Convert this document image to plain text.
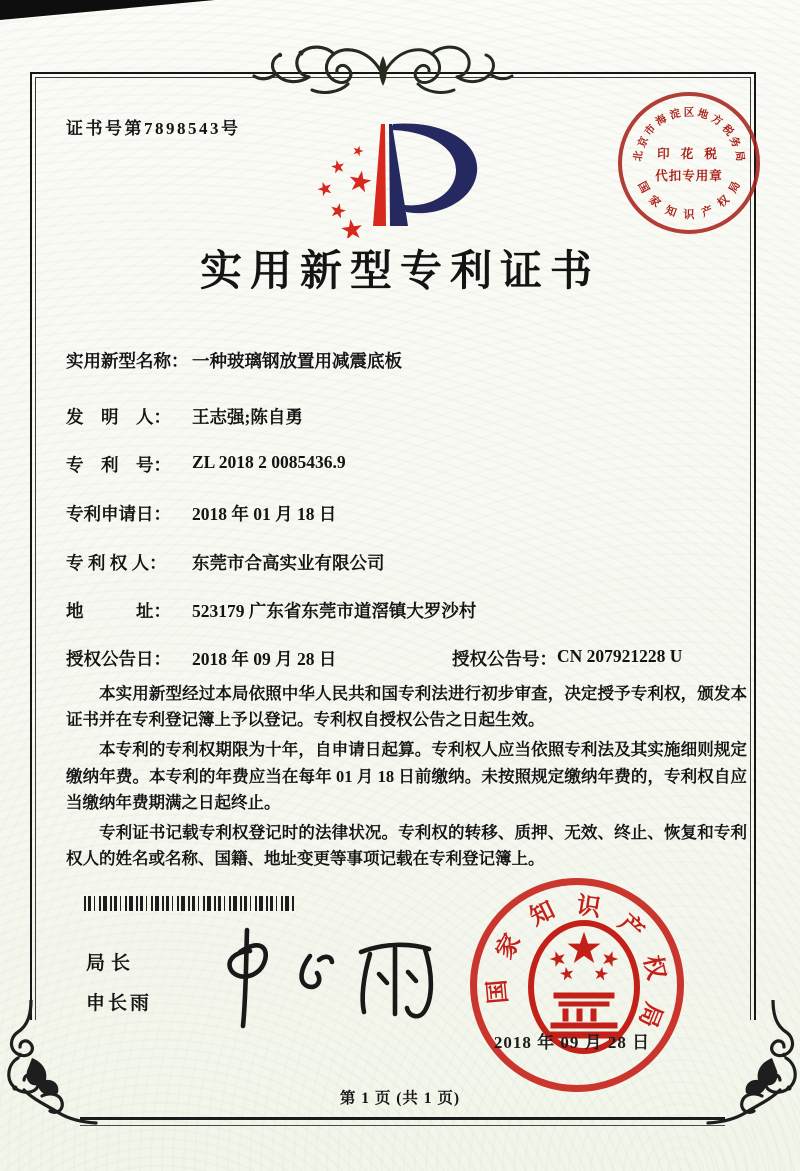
证书号第7898543号
印 花 税
代扣专用章
北
京
市
海
淀 区 地
方
税
务
局
国
家
知 识 产
权
局
实用新型专利证书
实用新型名称： 一种玻璃钢放置用减震底板
发　明　人：	王志强;陈自勇
专　利　号：	ZL 2018 2 0085436.9
专利申请日：	2018 年 01 月 18 日
专 利 权 人：	东莞市合高实业有限公司
地　　　址：	523179 广东省东莞市道滘镇大罗沙村
授权公告日：	2018 年 09 月 28 日	授权公告号： CN 207921228 U

本实用新型经过本局依照中华人民共和国专利法进行初步审查，决定授予专利权，颁发本证书并在专利登记簿上予以登记。专利权自授权公告之日起生效。

本专利的专利权期限为十年，自申请日起算。专利权人应当依照专利法及其实施细则规定缴纳年费。本专利的年费应当在每年 01 月 18 日前缴纳。未按照规定缴纳年费的，专利权自应当缴纳年费期满之日起终止。

专利证书记载专利权登记时的法律状况。专利权的转移、质押、无效、终止、恢复和专利权人的姓名或名称、国籍、地址变更等事项记载在专利登记簿上。

局长
申长雨	国
家
知 识
产
权
局
2018 年 09 月 28 日
第 1 页 (共 1 页)
